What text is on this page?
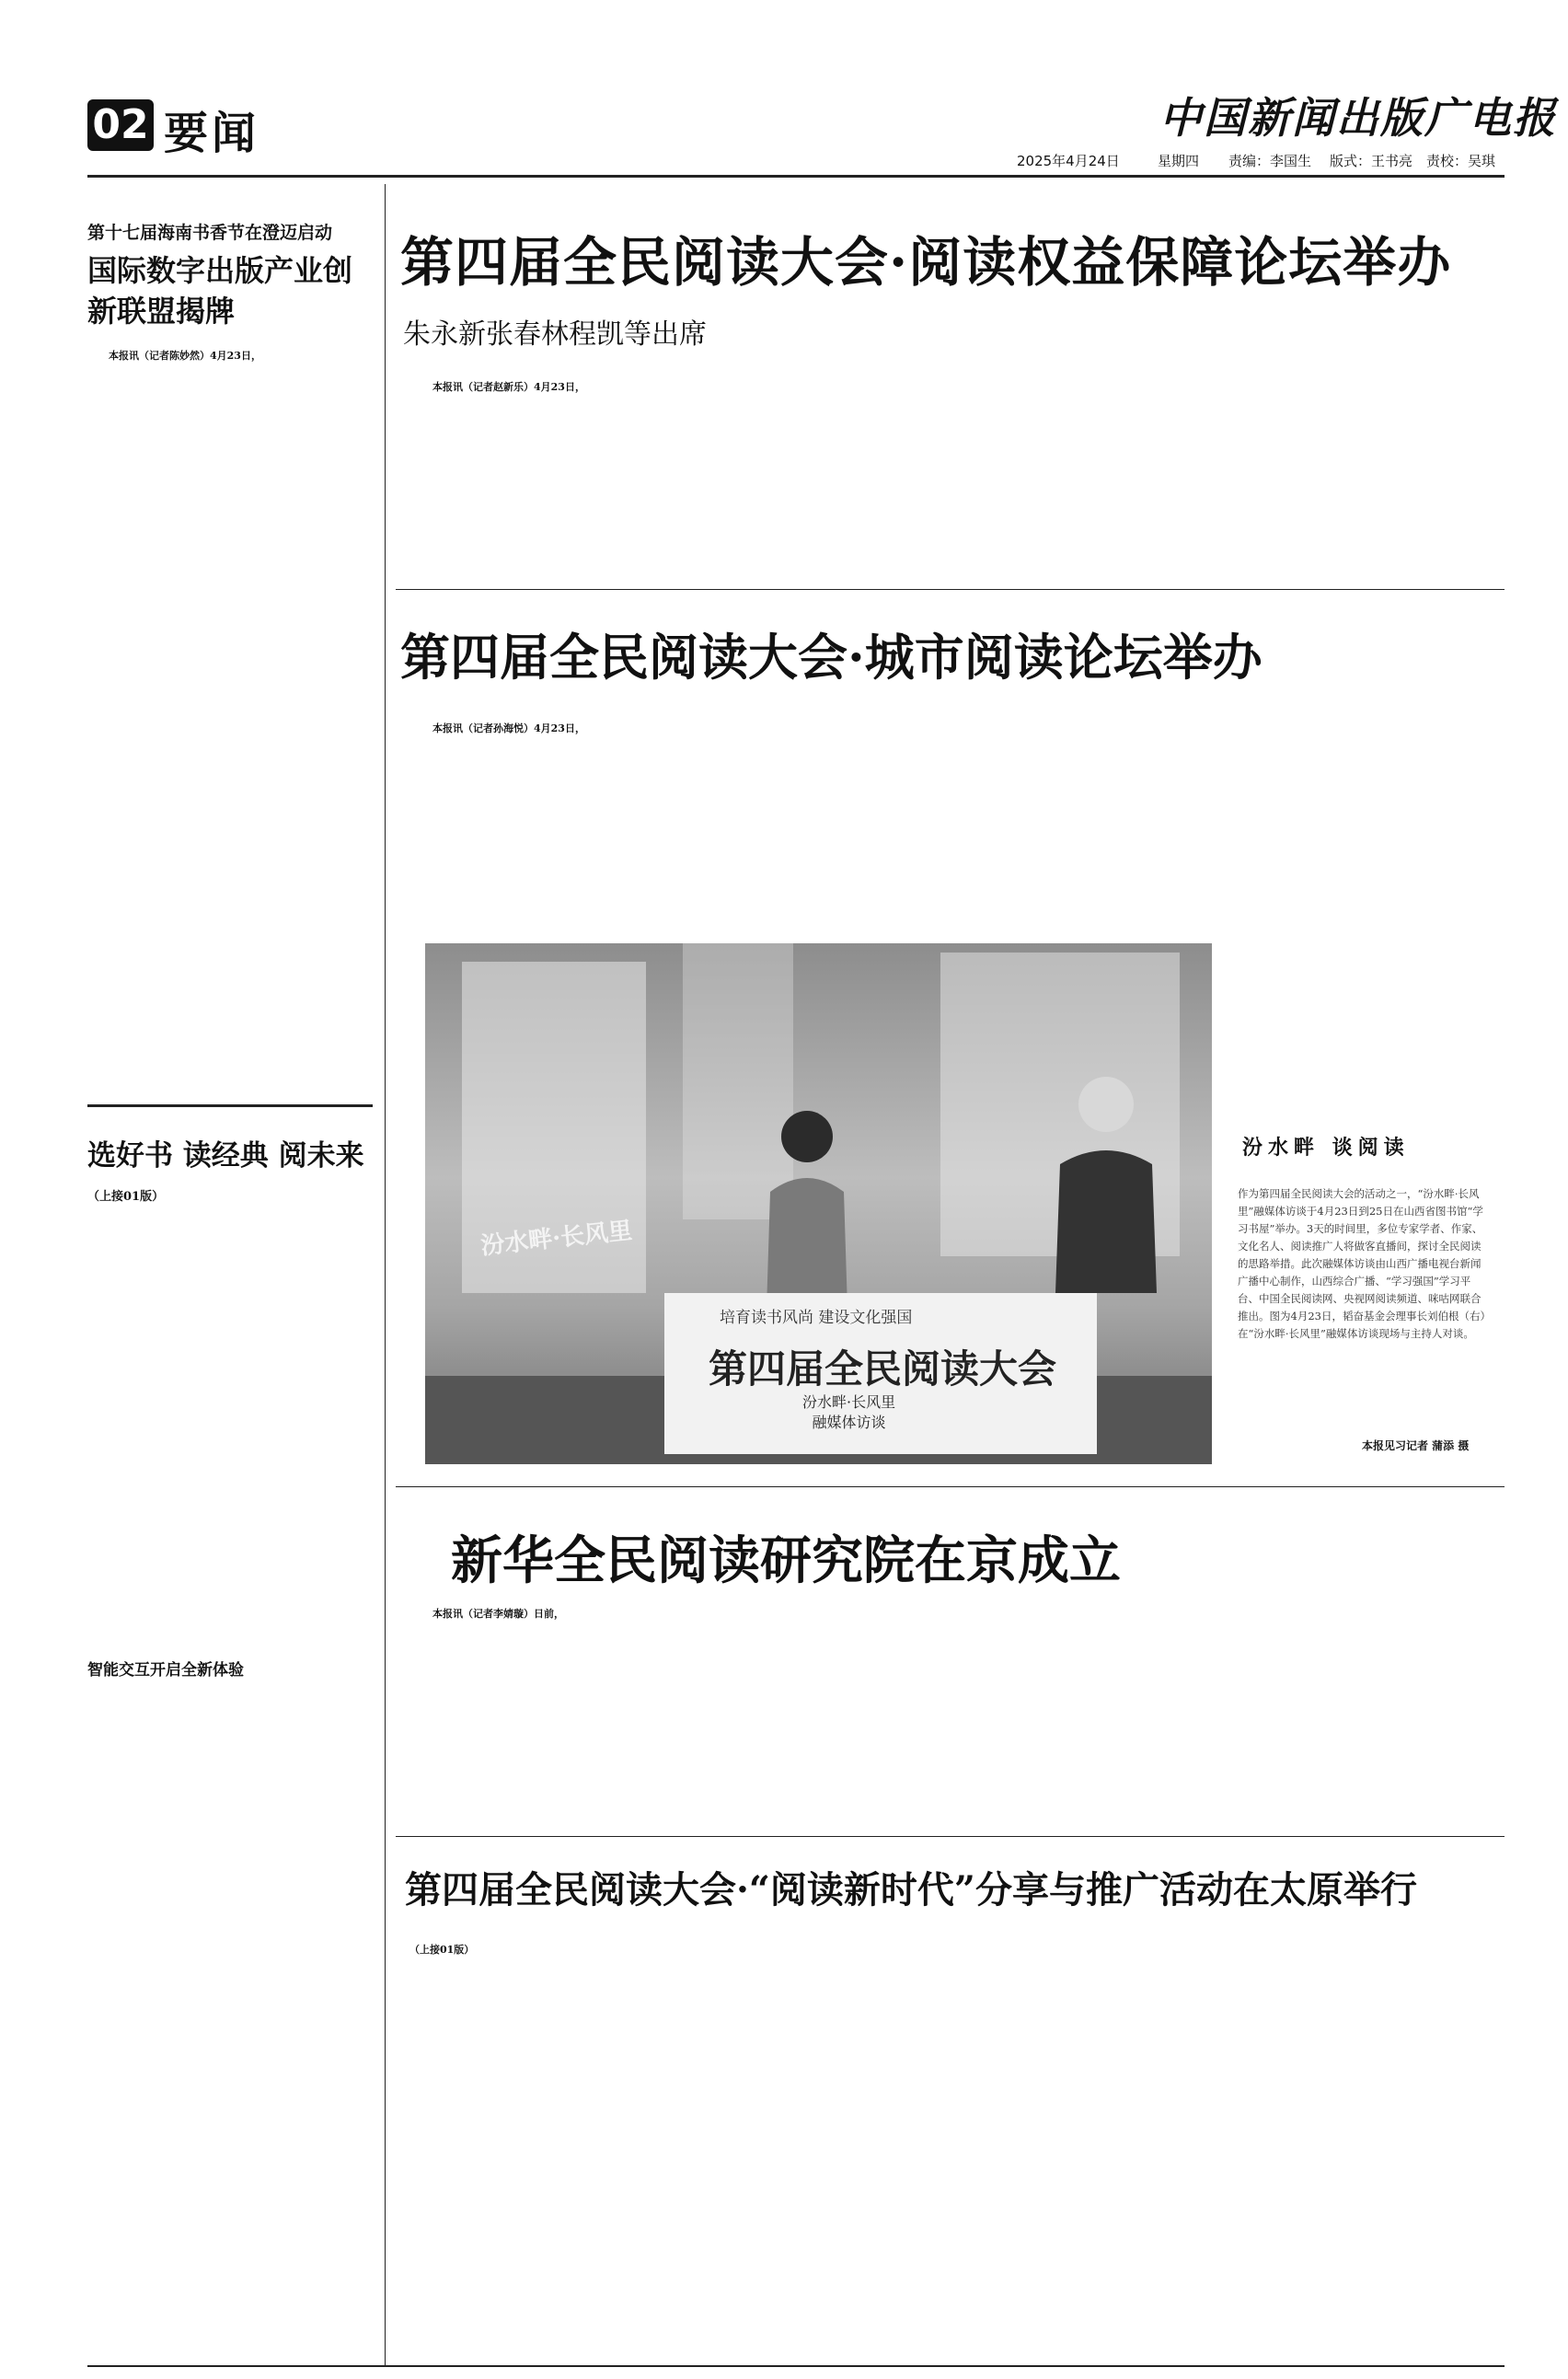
02 要闻	中国新闻出版广电报
2025年4月24日	星期四 责编：李国生 版式：王书亮 责校：吴琪
第四届全民阅读大会·阅读权益保障论坛举办
朱永新张春林程凯等出席
本报讯（记者赵新乐）4月23日，
第四届全民阅读大会·城市阅读论坛举办
本报讯（记者孙海悦）4月23日，
培育读书风尚 建设文化强国
第四届全民阅读大会
汾水畔·长风里
融媒体访谈
汾水畔·长风里
汾水畔 谈阅读
作为第四届全民阅读大会的活动之一，“汾水畔·长风里”融媒体访谈于4月23日到25日在山西省图书馆“学习书屋”举办。3天的时间里，多位专家学者、作家、文化名人、阅读推广人将做客直播间，探讨全民阅读的思路举措。此次融媒体访谈由山西广播电视台新闻广播中心制作，山西综合广播、“学习强国”学习平台、中国全民阅读网、央视网阅读频道、咪咕网联合推出。图为4月23日，韬奋基金会理事长刘伯根（右）在“汾水畔·长风里”融媒体访谈现场与主持人对谈。
本报见习记者 蒲添 摄
新华全民阅读研究院在京成立
本报讯（记者李婧璇）日前，
第四届全民阅读大会·“阅读新时代”分享与推广活动在太原举行
（上接01版）
第十七届海南书香节在澄迈启动
国际数字出版产业创新联盟揭牌
本报讯（记者陈妙然）4月23日，
选好书 读经典 阅未来
（上接01版）
智能交互开启全新体验
